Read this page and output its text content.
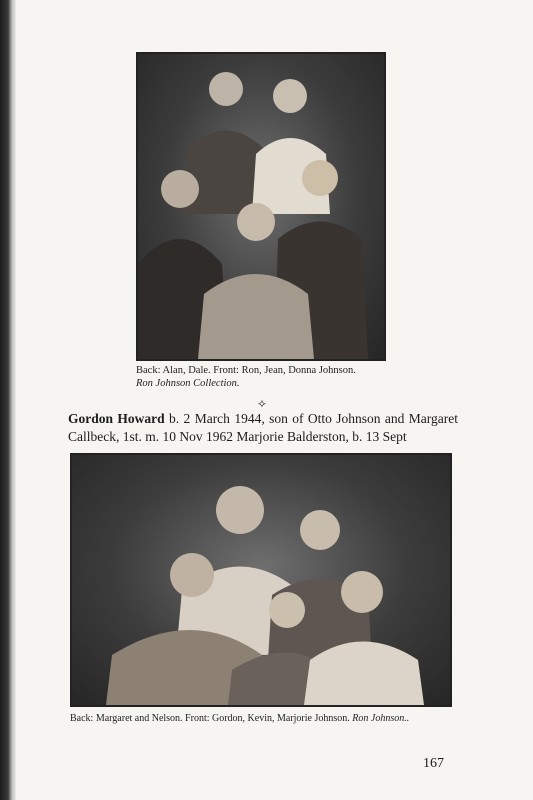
Back: Alan, Dale. Front: Ron, Jean, Donna Johnson.
Ron Johnson Collection.
⟡
Gordon Howard b. 2 March 1944, son of Otto Johnson and Margaret Callbeck, 1st. m. 10 Nov 1962 Marjorie Balderston, b. 13 Sept
Back: Margaret and Nelson. Front: Gordon, Kevin, Marjorie Johnson. Ron Johnson..
167
